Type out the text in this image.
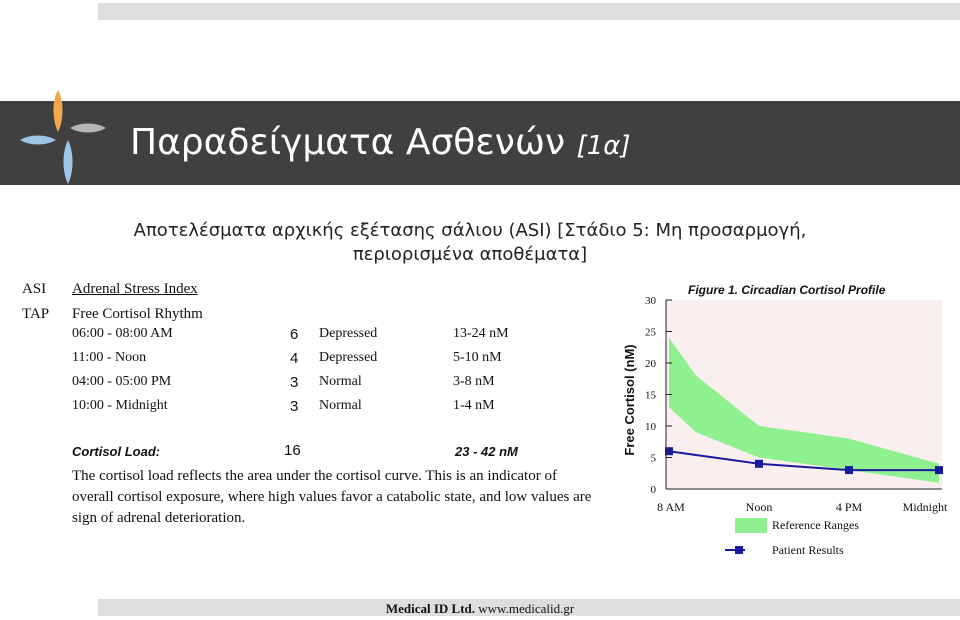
Παραδείγματα Ασθενών [1α]
Αποτελέσματα αρχικής εξέτασης σάλιου (ASI) [Στάδιο 5: Μη προσαρμογή,
περιορισμένα αποθέματα]
ASI Adrenal Stress Index
TAP Free Cortisol Rhythm
06:00 - 08:00 AM	6 Depressed	13-24 nM
11:00 - Noon	4 Depressed	5-10 nM
04:00 - 05:00 PM	3 Normal	3-8 nM
10:00 - Midnight	3 Normal	1-4 nM
Cortisol Load:	16	23 - 42 nM
The cortisol load reflects the area under the cortisol curve. This is an indicator of overall cortisol exposure, where high values favor a catabolic state, and low values are sign of adrenal deterioration.
0
5
10
15
20
25
30
8 AM	Noon	4 PM	Midnight
Figure 1. Circadian Cortisol Profile
Free Cortisol (nM)
Reference Ranges
Patient Results
Medical ID Ltd. www.medicalid.gr
